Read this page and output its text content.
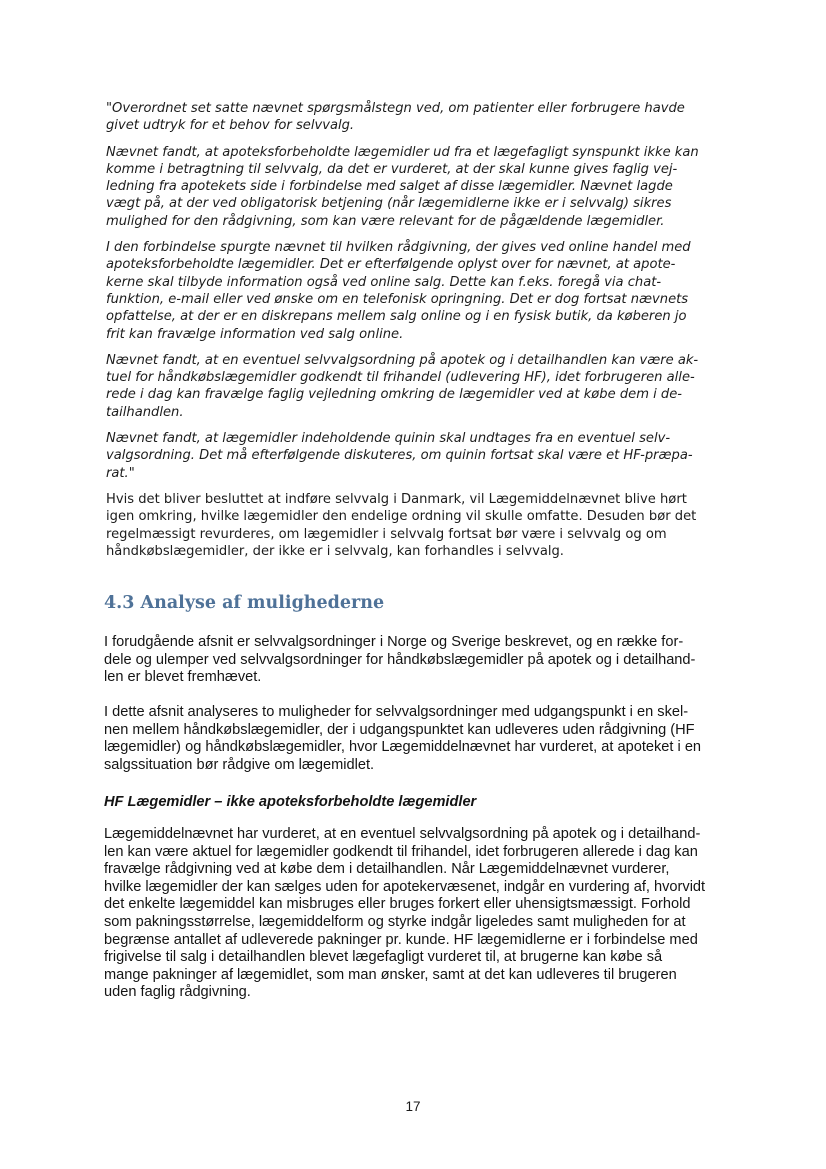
"Overordnet set satte nævnet spørgsmålstegn ved, om patienter eller forbrugere havde
givet udtryk for et behov for selvvalg.

Nævnet fandt, at apoteksforbeholdte lægemidler ud fra et lægefagligt synspunkt ikke kan
komme i betragtning til selvvalg, da det er vurderet, at der skal kunne gives faglig vej-
ledning fra apotekets side i forbindelse med salget af disse lægemidler. Nævnet lagde
vægt på, at der ved obligatorisk betjening (når lægemidlerne ikke er i selvvalg) sikres
mulighed for den rådgivning, som kan være relevant for de pågældende lægemidler.

I den forbindelse spurgte nævnet til hvilken rådgivning, der gives ved online handel med
apoteksforbeholdte lægemidler. Det er efterfølgende oplyst over for nævnet, at apote-
kerne skal tilbyde information også ved online salg. Dette kan f.eks. foregå via chat-
funktion, e-mail eller ved ønske om en telefonisk opringning. Det er dog fortsat nævnets
opfattelse, at der er en diskrepans mellem salg online og i en fysisk butik, da køberen jo
frit kan fravælge information ved salg online.

Nævnet fandt, at en eventuel selvvalgsordning på apotek og i detailhandlen kan være ak-
tuel for håndkøbslægemidler godkendt til frihandel (udlevering HF), idet forbrugeren alle-
rede i dag kan fravælge faglig vejledning omkring de lægemidler ved at købe dem i de-
tailhandlen.

Nævnet fandt, at lægemidler indeholdende quinin skal undtages fra en eventuel selv-
valgsordning. Det må efterfølgende diskuteres, om quinin fortsat skal være et HF-præpa-
rat."

Hvis det bliver besluttet at indføre selvvalg i Danmark, vil Lægemiddelnævnet blive hørt
igen omkring, hvilke lægemidler den endelige ordning vil skulle omfatte. Desuden bør det
regelmæssigt revurderes, om lægemidler i selvvalg fortsat bør være i selvvalg og om
håndkøbslægemidler, der ikke er i selvvalg, kan forhandles i selvvalg.

4.3 Analyse af mulighederne

I forudgående afsnit er selvvalgsordninger i Norge og Sverige beskrevet, og en række for-
dele og ulemper ved selvvalgsordninger for håndkøbslægemidler på apotek og i detailhand-
len er blevet fremhævet.

I dette afsnit analyseres to muligheder for selvvalgsordninger med udgangspunkt i en skel-
nen mellem håndkøbslægemidler, der i udgangspunktet kan udleveres uden rådgivning (HF
lægemidler) og håndkøbslægemidler, hvor Lægemiddelnævnet har vurderet, at apoteket i en
salgssituation bør rådgive om lægemidlet.

HF Lægemidler – ikke apoteksforbeholdte lægemidler

Lægemiddelnævnet har vurderet, at en eventuel selvvalgsordning på apotek og i detailhand-
len kan være aktuel for lægemidler godkendt til frihandel, idet forbrugeren allerede i dag kan
fravælge rådgivning ved at købe dem i detailhandlen. Når Lægemiddelnævnet vurderer,
hvilke lægemidler der kan sælges uden for apotekervæsenet, indgår en vurdering af, hvorvidt
det enkelte lægemiddel kan misbruges eller bruges forkert eller uhensigtsmæssigt. Forhold
som pakningsstørrelse, lægemiddelform og styrke indgår ligeledes samt muligheden for at
begrænse antallet af udleverede pakninger pr. kunde. HF lægemidlerne er i forbindelse med
frigivelse til salg i detailhandlen blevet lægefagligt vurderet til, at brugerne kan købe så
mange pakninger af lægemidlet, som man ønsker, samt at det kan udleveres til brugeren
uden faglig rådgivning.

17
